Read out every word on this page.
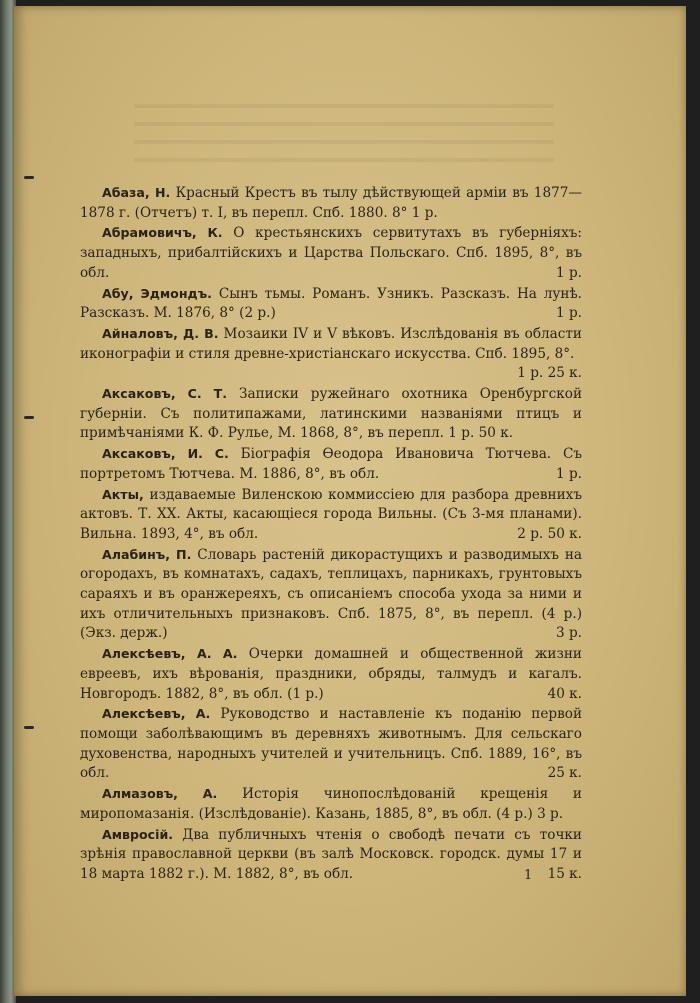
Абаза, Н. Красный Крестъ въ тылу дѣйствующей арміи въ 1877—1878 г. (Отчетъ) т. I, въ перепл. Спб. 1880. 8° 1 р.

Абрамовичъ, К. О крестьянскихъ сервитутахъ въ губерніяхъ: западныхъ, прибалтійскихъ и Царства Польскаго. Спб. 1895, 8°, въ обл.	1 р.

Абу, Эдмондъ. Сынъ тьмы. Романъ. Узникъ. Разсказъ. На лунѣ. Разсказъ. М. 1876, 8° (2 р.)	1 р.

Айналовъ, Д. В. Мозаики IV и V вѣковъ. Изслѣдованія въ области иконографіи и стиля древне-христіанскаго искусства. Спб. 1895, 8°.
1 р. 25 к.

Аксаковъ, С. Т. Записки ружейнаго охотника Оренбургской губерніи. Съ политипажами, латинскими названіями птицъ и примѣчаніями К. Ф. Рулье, М. 1868, 8°, въ перепл. 1 р. 50 к.

Аксаковъ, И. С. Біографія Ѳеодора Ивановича Тютчева. Съ портретомъ Тютчева. М. 1886, 8°, въ обл.	1 р.

Акты, издаваемые Виленскою коммиссіею для разбора древнихъ актовъ. Т. XX. Акты, касающіеся города Вильны. (Съ 3-мя планами). Вильна. 1893, 4°, въ обл.	2 р. 50 к.

Алабинъ, П. Словарь растеній дикорастущихъ и разводимыхъ на огородахъ, въ комнатахъ, садахъ, теплицахъ, парникахъ, грунтовыхъ сараяхъ и въ оранжереяхъ, съ описаніемъ способа ухода за ними и ихъ отличительныхъ признаковъ. Спб. 1875, 8°, въ перепл. (4 р.) (Экз. держ.)	3 р.

Алексѣевъ, А. А. Очерки домашней и общественной жизни евреевъ, ихъ вѣрованія, праздники, обряды, талмудъ и кагалъ. Новгородъ. 1882, 8°, въ обл. (1 р.)	40 к.

Алексѣевъ, А. Руководство и наставленіе къ поданію первой помощи заболѣвающимъ въ деревняхъ животнымъ. Для сельскаго духовенства, народныхъ учителей и учительницъ. Спб. 1889, 16°, въ обл.	25 к.

Алмазовъ, А. Исторія чинопослѣдованій крещенія и миропомазанія. (Изслѣдованіе). Казань, 1885, 8°, въ обл. (4 р.) 3 р.

Амвросій. Два публичныхъ чтенія о свободѣ печати съ точки зрѣнія православной церкви (въ залѣ Московск. городск. думы 17 и 18 марта 1882 г.). М. 1882, 8°, въ обл.	15 к.

1
